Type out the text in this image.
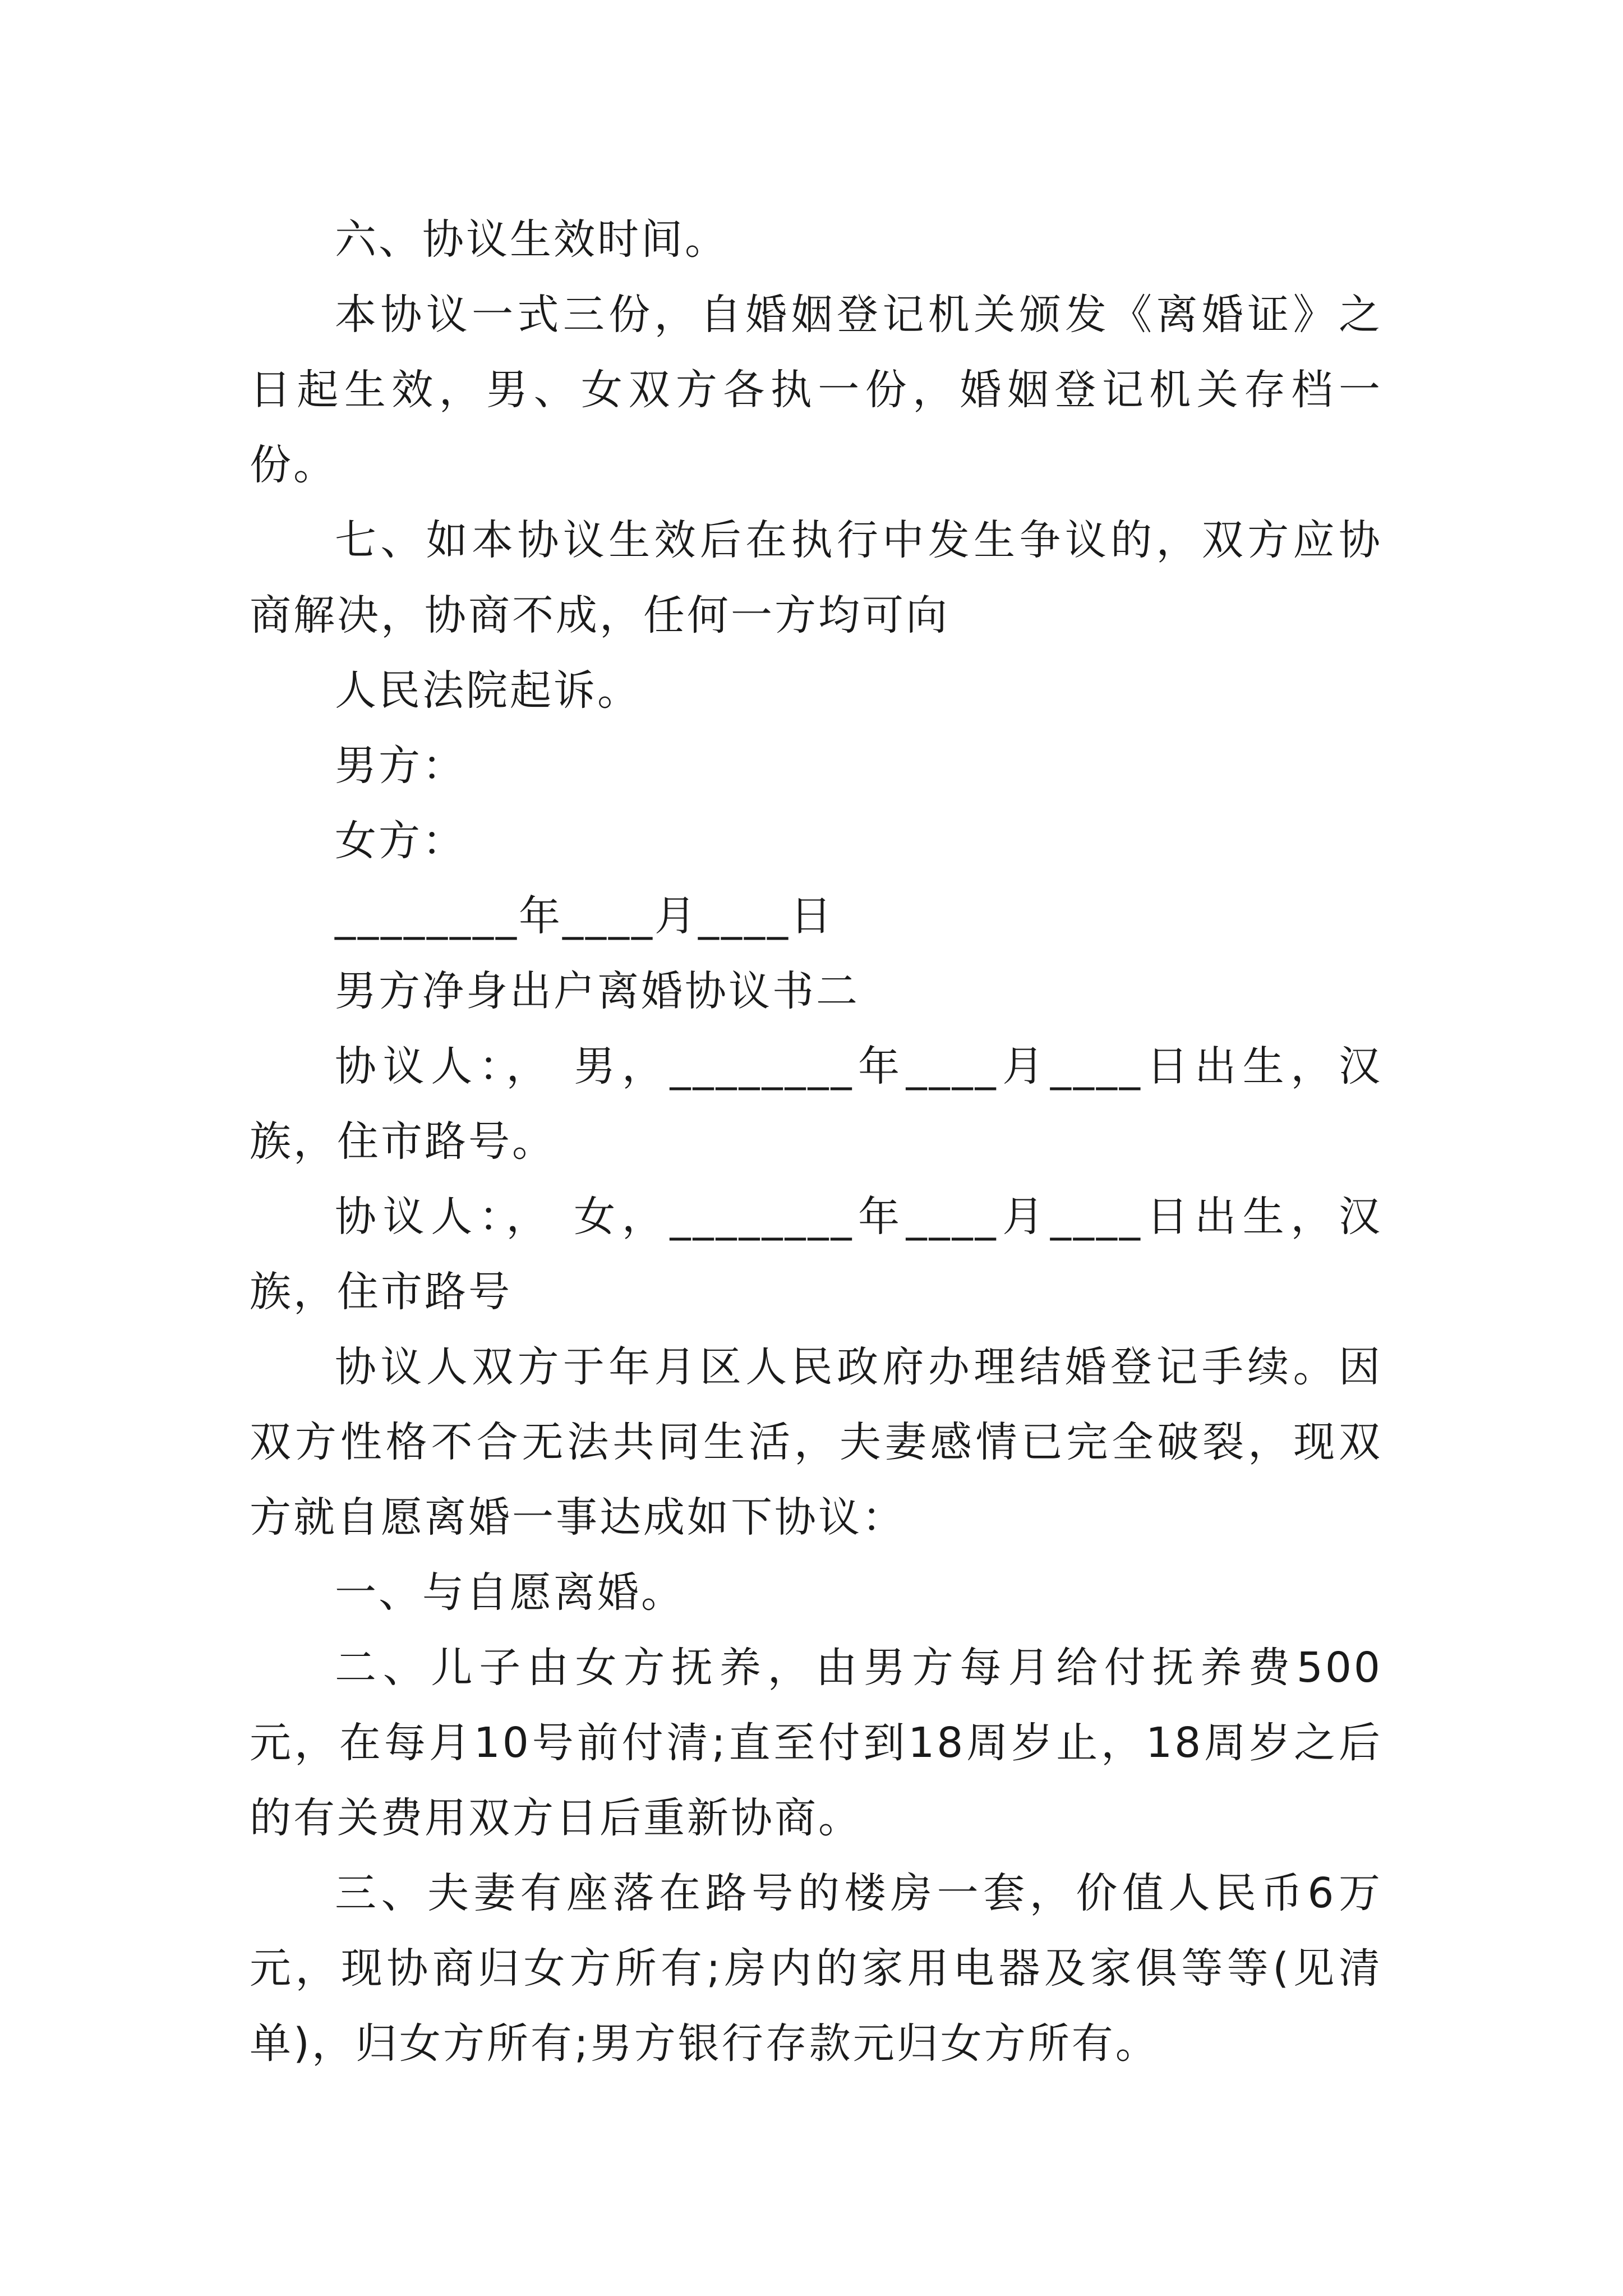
六、协议生效时间。

本协议一式三份，自婚姻登记机关颁发《离婚证》之日起生效，男、女双方各执一份，婚姻登记机关存档一份。

七、如本协议生效后在执行中发生争议的，双方应协商解决，协商不成，任何一方均可向

人民法院起诉。

男方：

女方：

________年____月____日

男方净身出户离婚协议书二

协议人：， 男，________年____月____日出生，汉族，住市路号。

协议人：， 女，________年____月____日出生，汉族，住市路号

协议人双方于年月区人民政府办理结婚登记手续。因双方性格不合无法共同生活，夫妻感情已完全破裂，现双方就自愿离婚一事达成如下协议：

一、与自愿离婚。

二、儿子由女方抚养，由男方每月给付抚养费500元，在每月10号前付清;直至付到18周岁止，18周岁之后的有关费用双方日后重新协商。

三、夫妻有座落在路号的楼房一套，价值人民币6万元，现协商归女方所有;房内的家用电器及家俱等等(见清单)，归女方所有;男方银行存款元归女方所有。
